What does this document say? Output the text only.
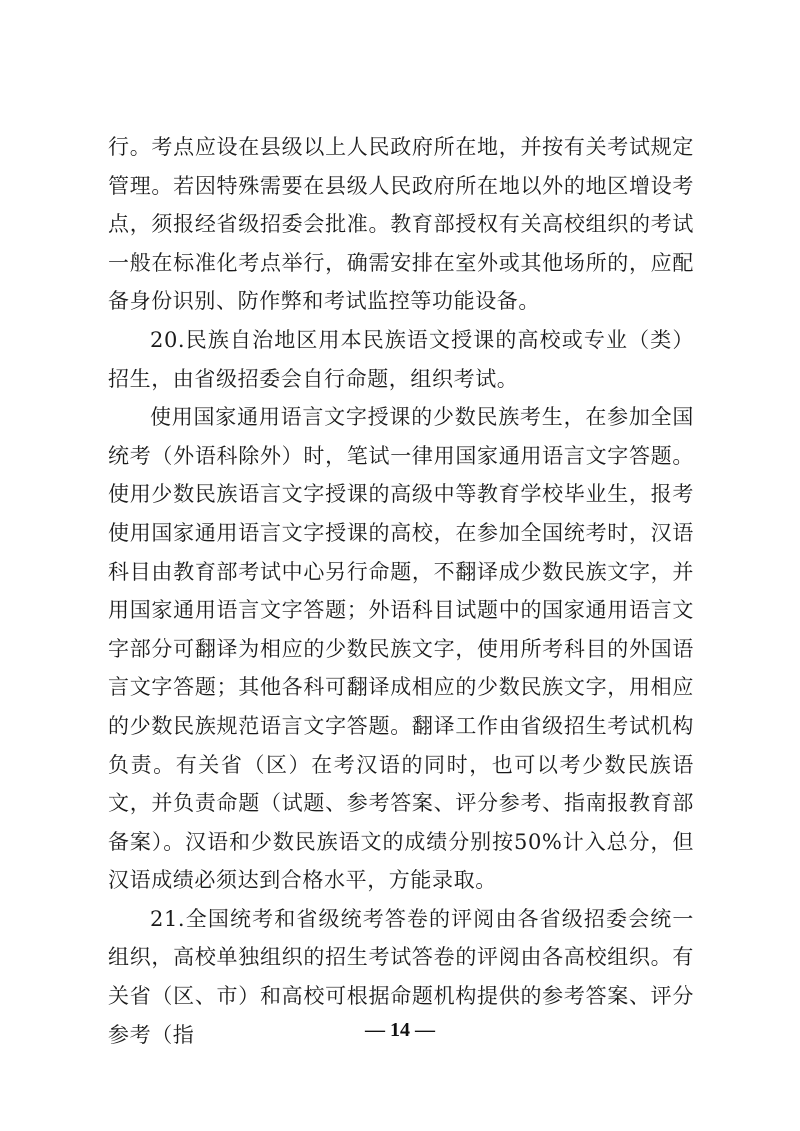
行。考点应设在县级以上人民政府所在地，并按有关考试规定管理。若因特殊需要在县级人民政府所在地以外的地区增设考点，须报经省级招委会批准。教育部授权有关高校组织的考试一般在标准化考点举行，确需安排在室外或其他场所的，应配备身份识别、防作弊和考试监控等功能设备。

20.民族自治地区用本民族语文授课的高校或专业（类）招生，由省级招委会自行命题，组织考试。

使用国家通用语言文字授课的少数民族考生，在参加全国统考（外语科除外）时，笔试一律用国家通用语言文字答题。使用少数民族语言文字授课的高级中等教育学校毕业生，报考使用国家通用语言文字授课的高校，在参加全国统考时，汉语科目由教育部考试中心另行命题，不翻译成少数民族文字，并用国家通用语言文字答题；外语科目试题中的国家通用语言文字部分可翻译为相应的少数民族文字，使用所考科目的外国语言文字答题；其他各科可翻译成相应的少数民族文字，用相应的少数民族规范语言文字答题。翻译工作由省级招生考试机构负责。有关省（区）在考汉语的同时，也可以考少数民族语文，并负责命题（试题、参考答案、评分参考、指南报教育部备案）。汉语和少数民族语文的成绩分别按50%计入总分，但汉语成绩必须达到合格水平，方能录取。

21.全国统考和省级统考答卷的评阅由各省级招委会统一组织，高校单独组织的招生考试答卷的评阅由各高校组织。有关省（区、市）和高校可根据命题机构提供的参考答案、评分参考（指	— 14 —
